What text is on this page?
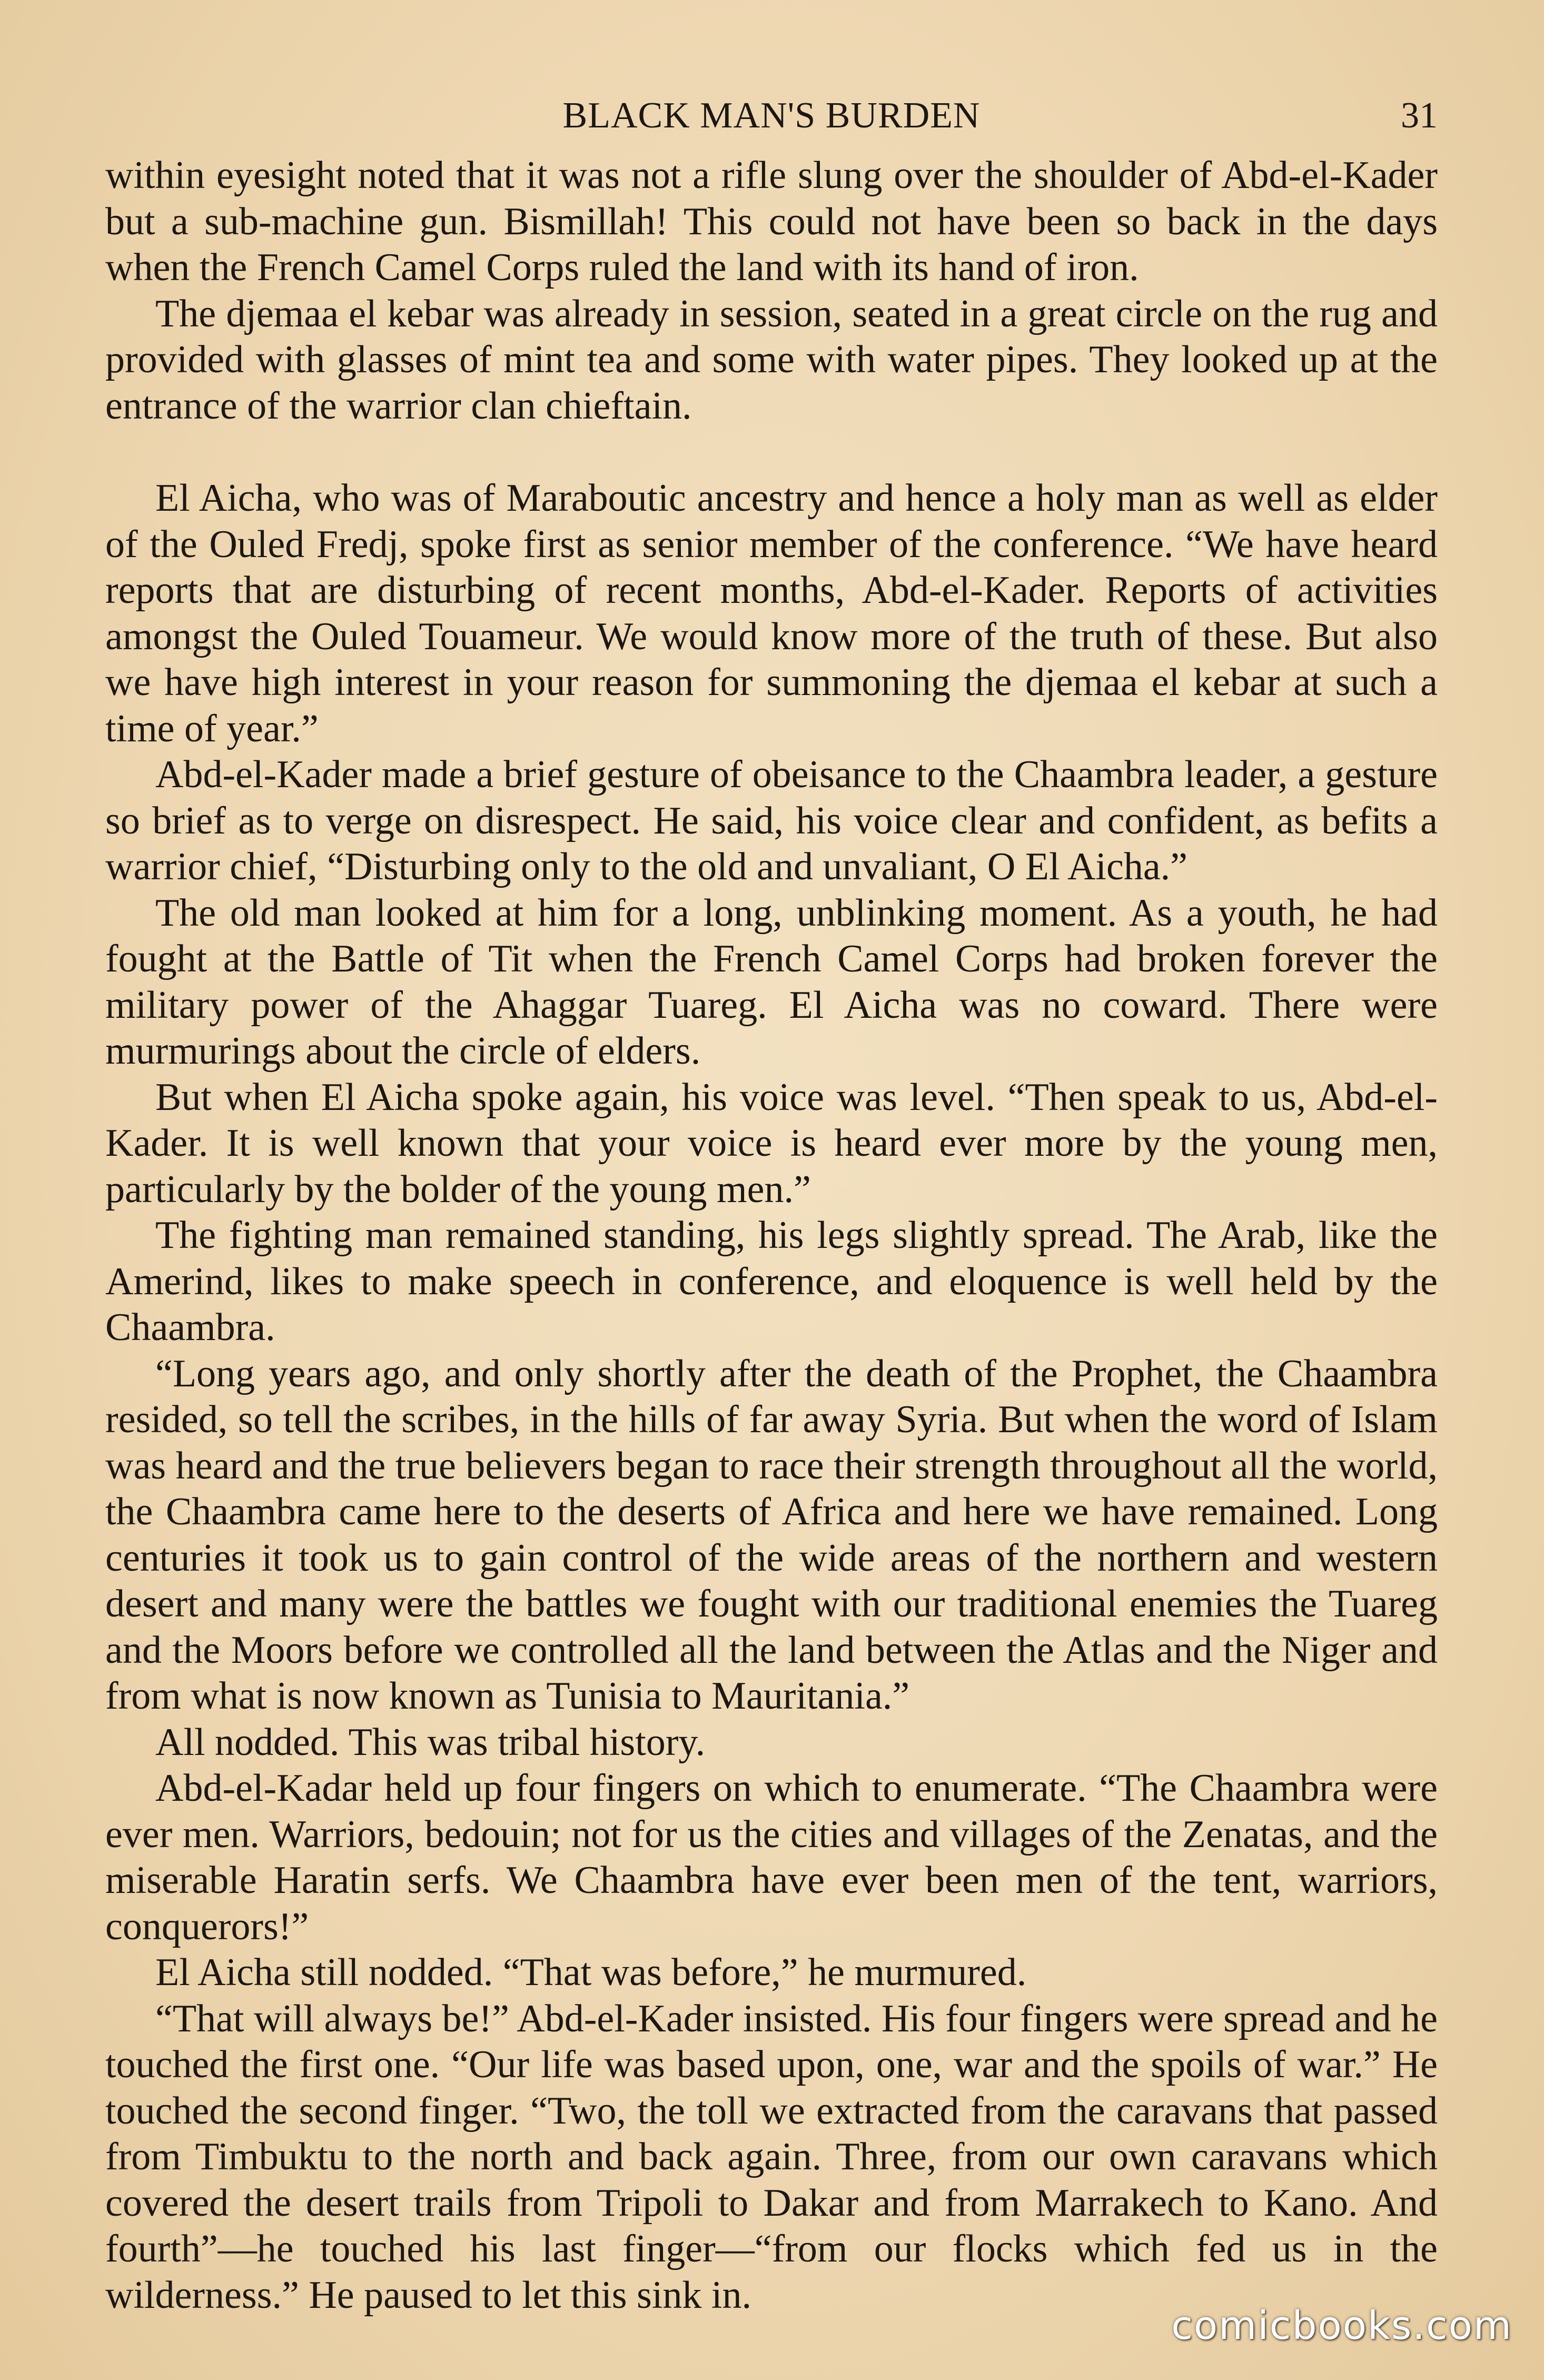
BLACK MAN'S BURDEN	31

within eyesight noted that it was not a rifle slung over the shoulder of Abd-el-Kader but a sub-machine gun. Bismillah! This could not have been so back in the days when the French Camel Corps ruled the land with its hand of iron.

The djemaa el kebar was already in session, seated in a great circle on the rug and provided with glasses of mint tea and some with water pipes. They looked up at the entrance of the warrior clan chieftain.

El Aicha, who was of Maraboutic ancestry and hence a holy man as well as elder of the Ouled Fredj, spoke first as senior member of the conference. “We have heard reports that are disturbing of recent months, Abd-el-Kader. Reports of activities amongst the Ouled Touameur. We would know more of the truth of these. But also we have high interest in your reason for summoning the djemaa el kebar at such a time of year.”

Abd-el-Kader made a brief gesture of obeisance to the Chaambra leader, a gesture so brief as to verge on disrespect. He said, his voice clear and confident, as befits a warrior chief, “Disturbing only to the old and unvaliant, O El Aicha.”

The old man looked at him for a long, unblinking moment. As a youth, he had fought at the Battle of Tit when the French Camel Corps had broken forever the military power of the Ahaggar Tuareg. El Aicha was no coward. There were murmurings about the circle of elders.

But when El Aicha spoke again, his voice was level. “Then speak to us, Abd-el-Kader. It is well known that your voice is heard ever more by the young men, particularly by the bolder of the young men.”

The fighting man remained standing, his legs slightly spread. The Arab, like the Amerind, likes to make speech in conference, and eloquence is well held by the Chaambra.

“Long years ago, and only shortly after the death of the Prophet, the Chaambra resided, so tell the scribes, in the hills of far away Syria. But when the word of Islam was heard and the true believers began to race their strength throughout all the world, the Chaambra came here to the deserts of Africa and here we have remained. Long centuries it took us to gain control of the wide areas of the northern and western desert and many were the battles we fought with our traditional enemies the Tuareg and the Moors before we controlled all the land between the Atlas and the Niger and from what is now known as Tunisia to Mauritania.”

All nodded. This was tribal history.

Abd-el-Kadar held up four fingers on which to enumerate. “The Chaambra were ever men. Warriors, bedouin; not for us the cities and villages of the Zenatas, and the miserable Haratin serfs. We Chaambra have ever been men of the tent, warriors, conquerors!”

El Aicha still nodded. “That was before,” he murmured.

“That will always be!” Abd-el-Kader insisted. His four fingers were spread and he touched the first one. “Our life was based upon, one, war and the spoils of war.” He touched the second finger. “Two, the toll we extracted from the caravans that passed from Timbuktu to the north and back again. Three, from our own caravans which covered the desert trails from Tripoli to Dakar and from Marrakech to Kano. And fourth”—he touched his last finger—“from our flocks which fed us in the wilderness.” He paused to let this sink in.

comicbooks.com
